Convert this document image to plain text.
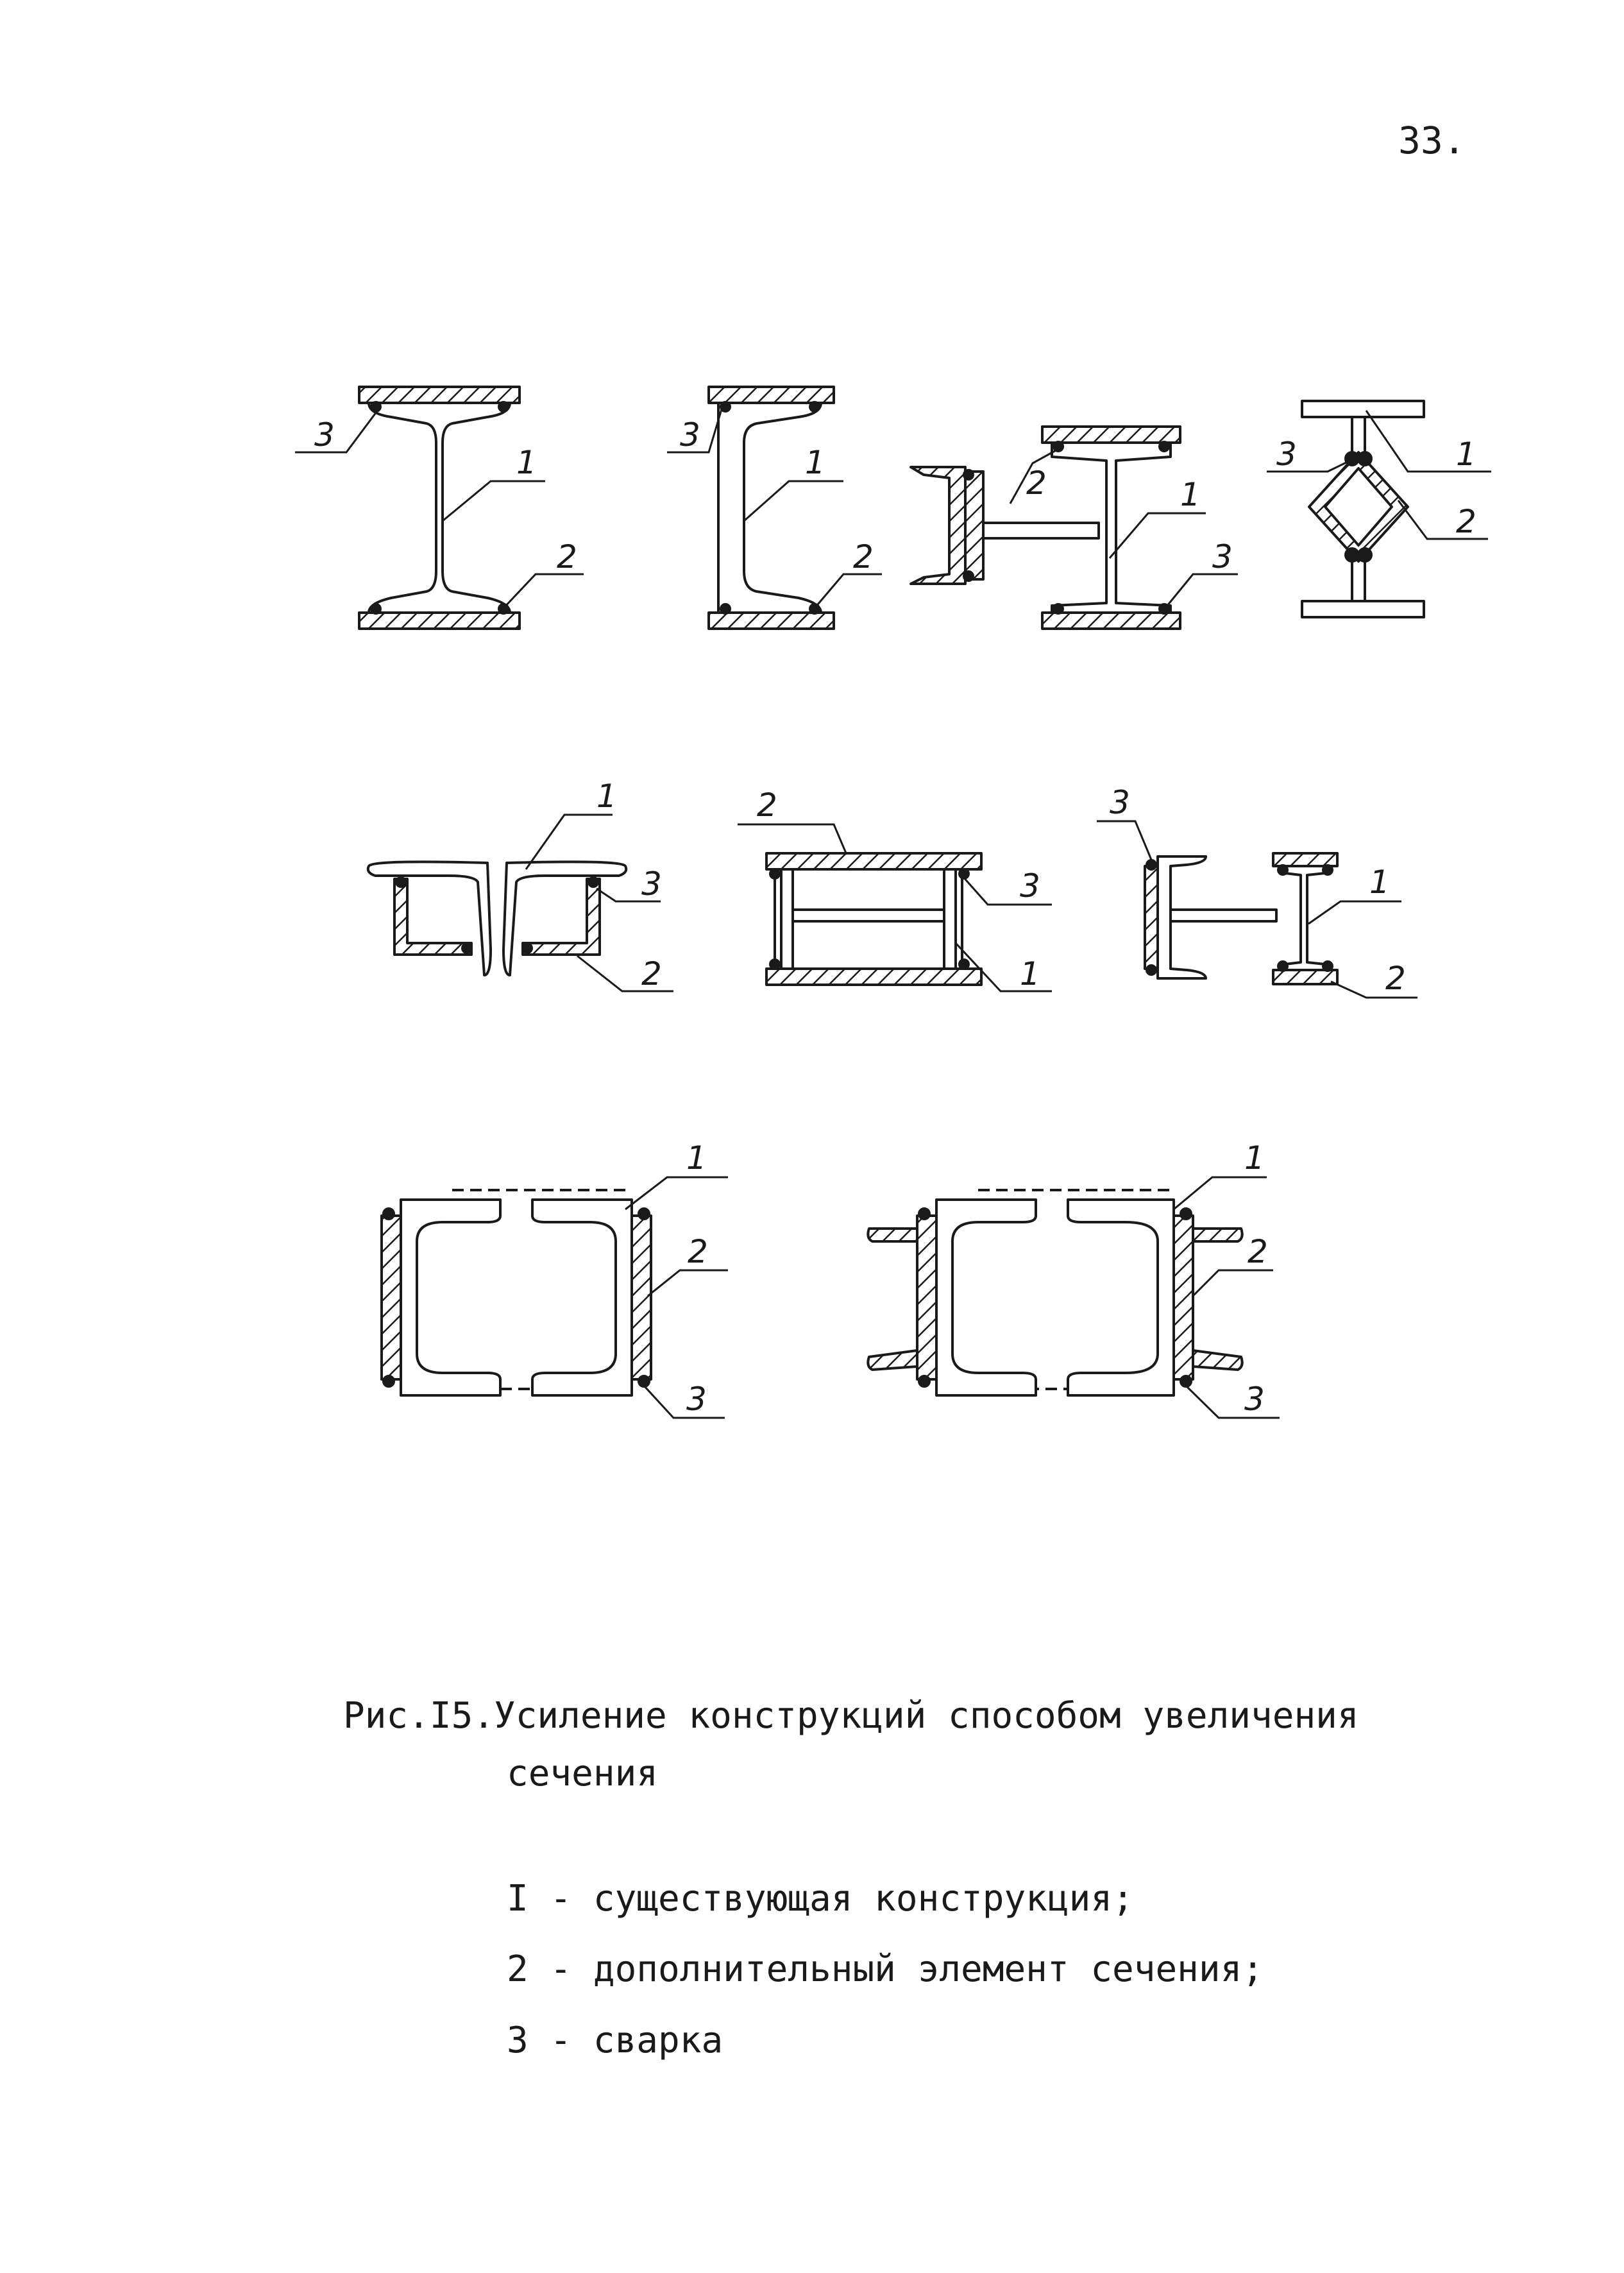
33.
3
1
2
3
1
2
2	1
3
1
3
2
1
3
2
2
3
1
3
1
2
1
2
3
1
2
3
Рис.I5.Усиление конструкций способом увеличения
сечения
I - существующая конструкция;
2 - дополнительный элемент сечения;
3 - сварка
